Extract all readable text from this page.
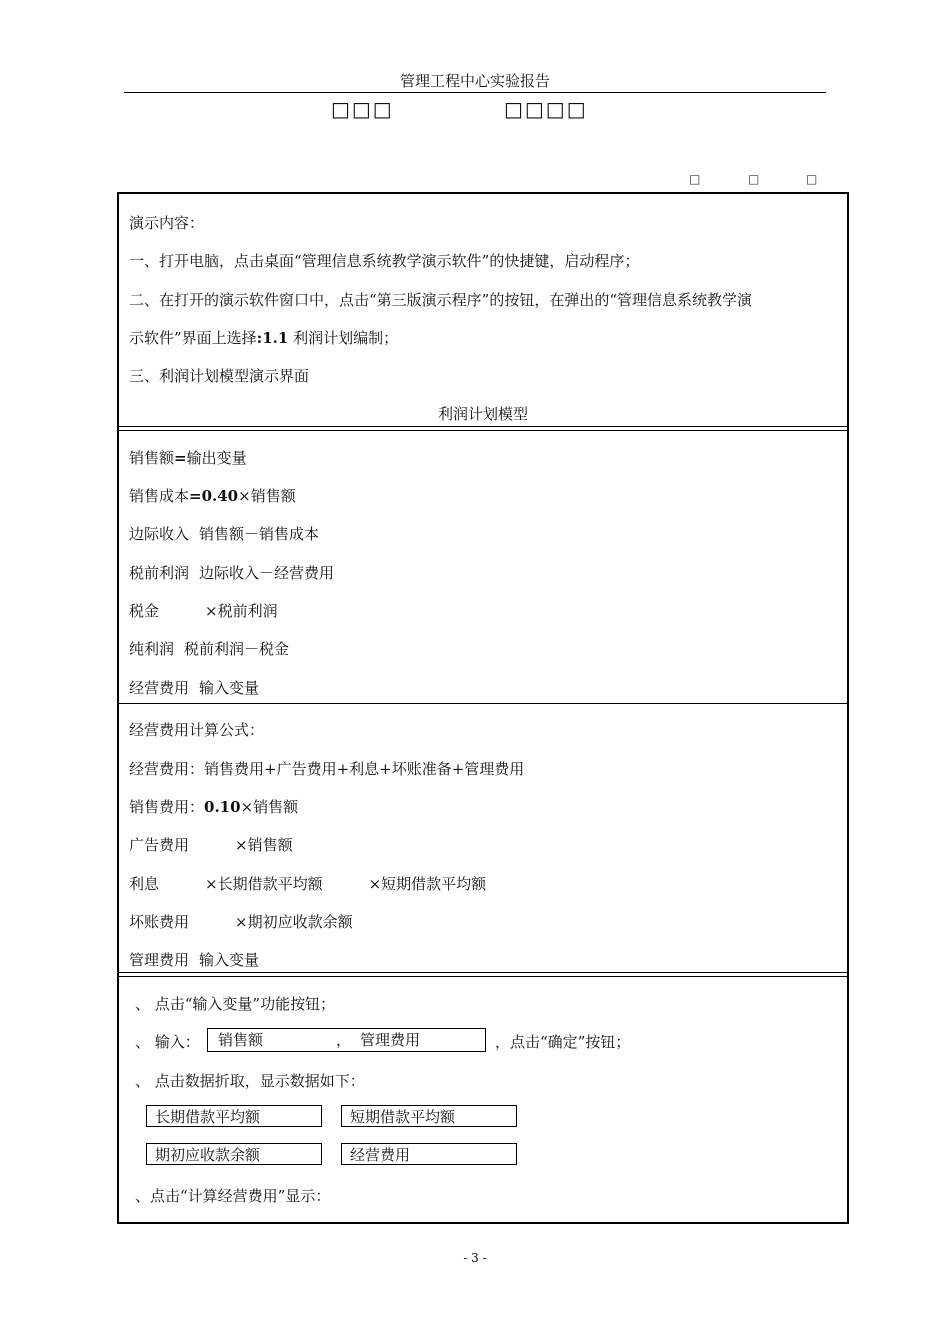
管理工程中心实验报告
□□□	□□□□
□	□	□
演示内容：
一、打开电脑，点击桌面“管理信息系统教学演示软件”的快捷键，启动程序；
二、在打开的演示软件窗口中，点击“第三版演示程序”的按钮，在弹出的“管理信息系统教学演
示软件”界面上选择:1.1 利润计划编制；
三、利润计划模型演示界面
利润计划模型
销售额=输出变量
销售成本=0.40×销售额
边际收入 销售额－销售成本
税前利润 边际收入－经营费用
税金	×税前利润
纯利润 税前利润－税金
经营费用 输入变量
经营费用计算公式：
经营费用：销售费用+广告费用+利息+坏账准备+管理费用
销售费用：0.10×销售额
广告费用	×销售额
利息	×长期借款平均额	×短期借款平均额
坏账费用	×期初应收款余额
管理费用 输入变量
、 点击“输入变量”功能按钮；
、 输入： 销售额	， 管理费用	，点击“确定”按钮；
、 点击数据折取，显示数据如下：
长期借款平均额	短期借款平均额
期初应收款余额	经营费用
、点击“计算经营费用”显示：
- 3 -
